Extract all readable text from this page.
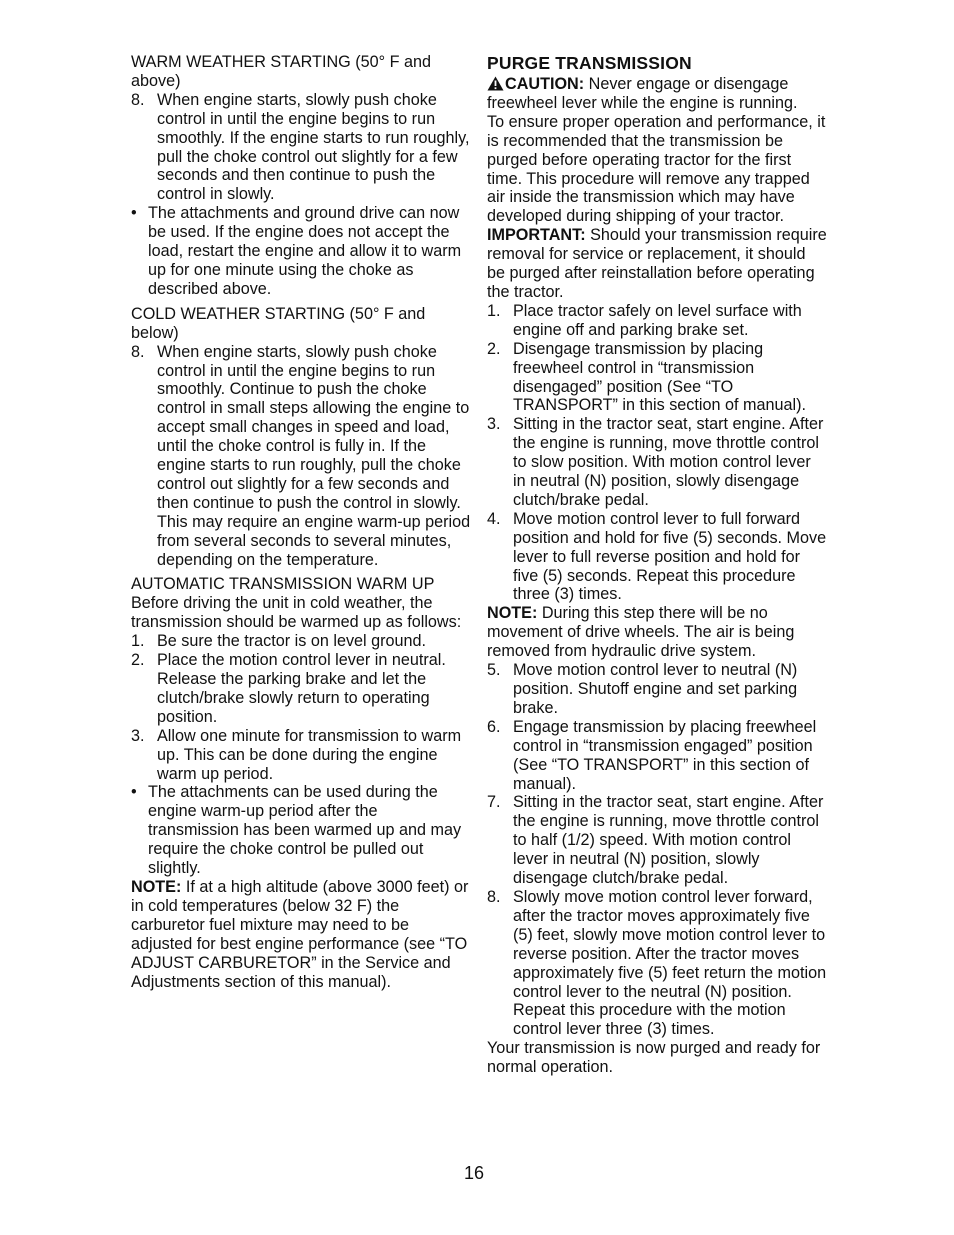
WARM WEATHER STARTING (50° F and above)

8. When engine starts, slowly push choke control in until the engine begins to run smoothly. If the engine starts to run roughly, pull the choke control out slightly for a few seconds and then continue to push the control in slowly.
• The attachments and ground drive can now be used. If the engine does not accept the load, restart the engine and allow it to warm up for one minute using the choke as described above.

COLD WEATHER STARTING (50° F and below)

8. When engine starts, slowly push choke control in until the engine begins to run smoothly. Continue to push the choke control in small steps allowing the engine to accept small changes in speed and load, until the choke control is fully in. If the engine starts to run roughly, pull the choke control out slightly for a few seconds and then continue to push the control in slowly. This may require an engine warm-up period from several seconds to several minutes, depending on the temperature.

AUTOMATIC TRANSMISSION WARM UP

Before driving the unit in cold weather, the transmission should be warmed up as follows:

1. Be sure the tractor is on level ground.
2. Place the motion control lever in neutral. Release the parking brake and let the clutch/brake slowly return to operating position.
3. Allow one minute for transmission to warm up. This can be done during the engine warm up period.
• The attachments can be used during the engine warm-up period after the transmission has been warmed up and may require the choke control be pulled out slightly.

NOTE: If at a high altitude (above 3000 feet) or in cold temperatures (below 32 F) the carburetor fuel mixture may need to be adjusted for best engine performance (see “TO ADJUST CARBURETOR” in the Service and Adjustments section of this manual).

PURGE TRANSMISSION

CAUTION: Never engage or disengage freewheel lever while the engine is running.

To ensure proper operation and performance, it is recommended that the transmission be purged before operating tractor for the first time. This procedure will remove any trapped air inside the transmission which may have developed during shipping of your tractor.

IMPORTANT: Should your transmission require removal for service or replacement, it should be purged after reinstallation before operating the tractor.

1. Place tractor safely on level surface with engine off and parking brake set.
2. Disengage transmission by placing freewheel control in “transmission disengaged” position (See “TO TRANSPORT” in this section of manual).
3. Sitting in the tractor seat, start engine. After the engine is running, move throttle control to slow position. With motion control lever in neutral (N) position, slowly disengage clutch/brake pedal.
4. Move motion control lever to full forward position and hold for five (5) seconds. Move lever to full reverse position and hold for five (5) seconds. Repeat this procedure three (3) times.

NOTE: During this step there will be no movement of drive wheels. The air is being removed from hydraulic drive system.

5. Move motion control lever to neutral (N) position. Shutoff engine and set parking brake.
6. Engage transmission by placing freewheel control in “transmission engaged” position (See “TO TRANSPORT” in this section of manual).
7. Sitting in the tractor seat, start engine. After the engine is running, move throttle control to half (1/2) speed. With motion control lever in neutral (N) position, slowly disengage clutch/brake pedal.
8. Slowly move motion control lever forward, after the tractor moves approximately five (5) feet, slowly move motion control lever to reverse position. After the tractor moves approximately five (5) feet return the motion control lever to the neutral (N) position. Repeat this procedure with the motion control lever three (3) times.

Your transmission is now purged and ready for normal operation.

16
